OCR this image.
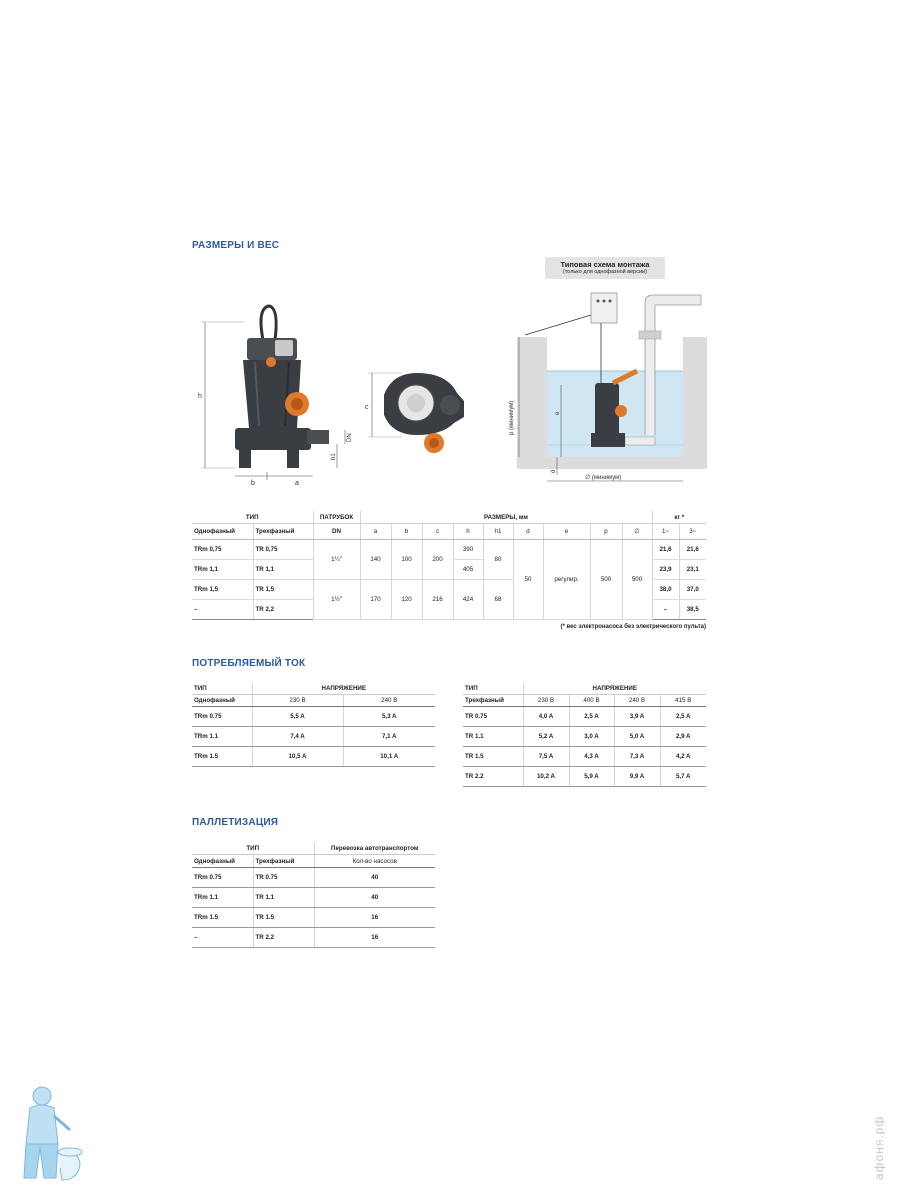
РАЗМЕРЫ И ВЕС
h
b	a
DN
h1
c
Типовая схема монтажа
(только для однофазной версии)
p (минимум)	e
d
∅ (минимум)
ТИП		ПАТРУБОК	РАЗМЕРЫ, мм									кг *	
Однофазный	Трехфазный	DN	a	b	c	h	h1	d	e	p	∅	1~	3~
TRm 0,75	TR 0,75	1¼"	140	100	200	390	80	50	регулир.	500	500	21,6	21,6
TRm 1,1	TR 1,1					405						23,9	23,1
TRm 1,5	TR 1,5	1½"	170	120	216	424	68					38,0	37,0
–	TR 2,2											–	38,5
(* вес электронасоса без электрического пульта)
ПОТРЕБЛЯЕМЫЙ ТОК
ТИП	НАПРЯЖЕНИЕ	
Однофазный	230 В	240 В
TRm 0.75	5,5 A	5,3 A
TRm 1.1	7,4 A	7,1 A
TRm 1.5	10,5 A	10,1 A
ТИП	НАПРЯЖЕНИЕ			
Трехфазный	230 В	400 В	240 В	415 В
TR 0.75	4,0 A	2,5 A	3,9 A	2,5 A
TR 1.1	5,2 A	3,0 A	5,0 A	2,9 A
TR 1.5	7,5 A	4,3 A	7,3 A	4,2 A
TR 2.2	10,2 A	5,9 A	9,9 A	5,7 A
ПАЛЛЕТИЗАЦИЯ
ТИП		Перевозка автотранспортом
Однофазный	Трехфазный	Кол-во насосов
TRm 0.75	TR 0.75	40
TRm 1.1	TR 1.1	40
TRm 1.5	TR 1.5	16
–	TR 2.2	16
афоня.рф
